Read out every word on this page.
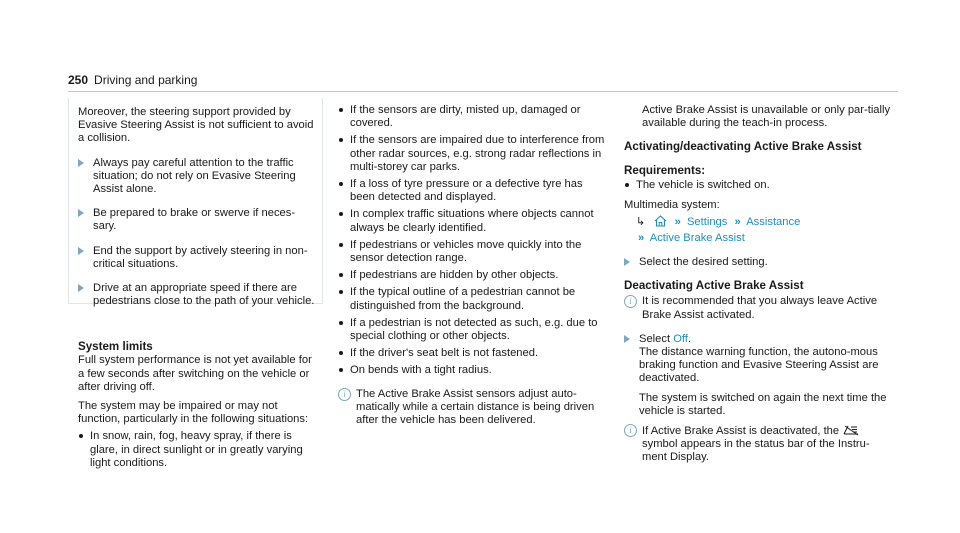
250 Driving and parking

Moreover, the steering support provided by Evasive Steering Assist is not sufficient to avoid a collision.

Always pay careful attention to the traffic situation; do not rely on Evasive Steering Assist alone.
Be prepared to brake or swerve if neces-sary.
End the support by actively steering in non-critical situations.
Drive at an appropriate speed if there are pedestrians close to the path of your vehicle.
System limits

Full system performance is not yet available for a few seconds after switching on the vehicle or after driving off.

The system may be impaired or may not function, particularly in the following situations:

In snow, rain, fog, heavy spray, if there is glare, in direct sunlight or in greatly varying light conditions.
If the sensors are dirty, misted up, damaged or covered.
If the sensors are impaired due to interference from other radar sources, e.g. strong radar reflections in multi-storey car parks.
If a loss of tyre pressure or a defective tyre has been detected and displayed.
In complex traffic situations where objects cannot always be clearly identified.
If pedestrians or vehicles move quickly into the sensor detection range.
If pedestrians are hidden by other objects.
If the typical outline of a pedestrian cannot be distinguished from the background.
If a pedestrian is not detected as such, e.g. due to special clothing or other objects.
If the driver's seat belt is not fastened.
On bends with a tight radius.
i The Active Brake Assist sensors adjust auto-matically while a certain distance is being driven after the vehicle has been delivered.

Active Brake Assist is unavailable or only par-tially available during the teach-in process.

Activating/deactivating Active Brake Assist
Requirements:
The vehicle is switched on.

Multimedia system:

↳	» Settings » Assistance
» Active Brake Assist
Select the desired setting.
Deactivating Active Brake Assist
i It is recommended that you always leave Active Brake Assist activated.
Select Off.

The distance warning function, the autono-mous braking function and Evasive Steering Assist are deactivated.

The system is switched on again the next time the vehicle is started.

i If Active Brake Assist is deactivated, the  symbol appears in the status bar of the Instru-ment Display.
